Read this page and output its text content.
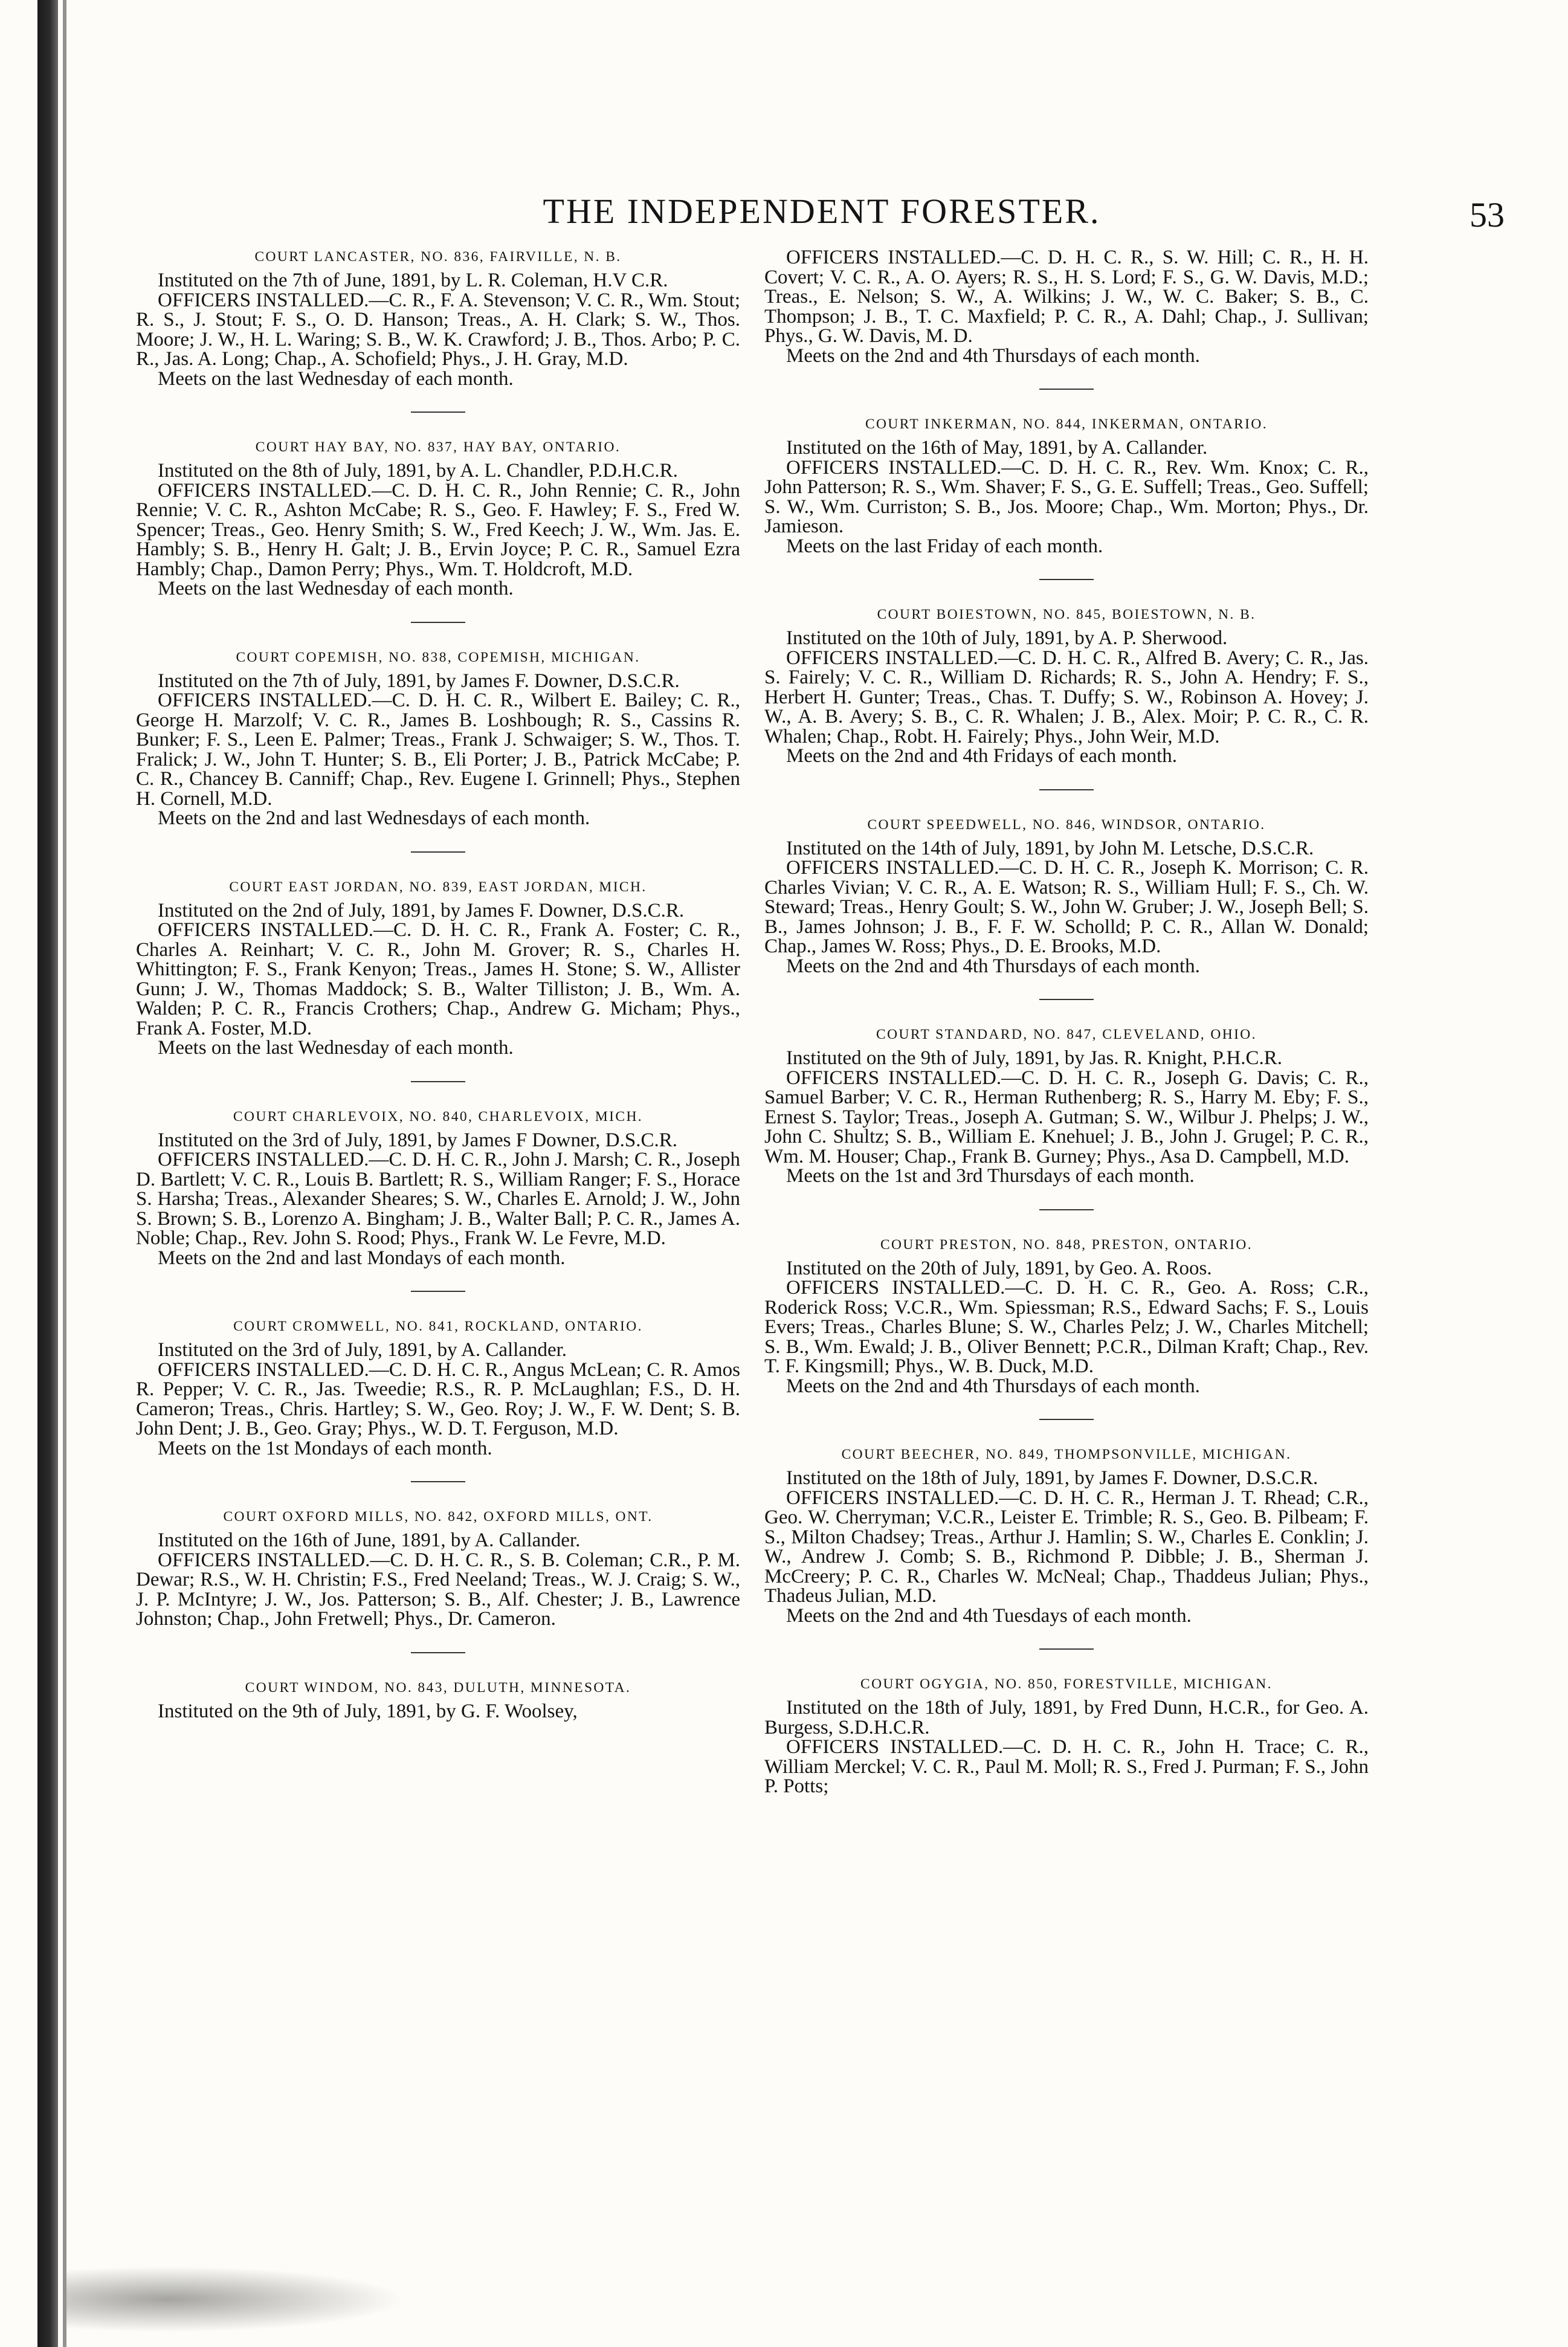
THE INDEPENDENT FORESTER.	53
COURT LANCASTER, NO. 836, FAIRVILLE, N. B.

Instituted on the 7th of June, 1891, by L. R. Coleman, H.V C.R.

OFFICERS INSTALLED.—C. R., F. A. Stevenson; V. C. R., Wm. Stout; R. S., J. Stout; F. S., O. D. Hanson; Treas., A. H. Clark; S. W., Thos. Moore; J. W., H. L. Waring; S. B., W. K. Crawford; J. B., Thos. Arbo; P. C. R., Jas. A. Long; Chap., A. Schofield; Phys., J. H. Gray, M.D.

Meets on the last Wednesday of each month.

COURT HAY BAY, NO. 837, HAY BAY, ONTARIO.

Instituted on the 8th of July, 1891, by A. L. Chandler, P.D.H.C.R.

OFFICERS INSTALLED.—C. D. H. C. R., John Rennie; C. R., John Rennie; V. C. R., Ashton McCabe; R. S., Geo. F. Hawley; F. S., Fred W. Spencer; Treas., Geo. Henry Smith; S. W., Fred Keech; J. W., Wm. Jas. E. Hambly; S. B., Henry H. Galt; J. B., Ervin Joyce; P. C. R., Samuel Ezra Hambly; Chap., Damon Perry; Phys., Wm. T. Holdcroft, M.D.

Meets on the last Wednesday of each month.

COURT COPEMISH, NO. 838, COPEMISH, MICHIGAN.

Instituted on the 7th of July, 1891, by James F. Downer, D.S.C.R.

OFFICERS INSTALLED.—C. D. H. C. R., Wilbert E. Bailey; C. R., George H. Marzolf; V. C. R., James B. Loshbough; R. S., Cassins R. Bunker; F. S., Leen E. Palmer; Treas., Frank J. Schwaiger; S. W., Thos. T. Fralick; J. W., John T. Hunter; S. B., Eli Porter; J. B., Patrick McCabe; P. C. R., Chancey B. Canniff; Chap., Rev. Eugene I. Grinnell; Phys., Stephen H. Cornell, M.D.

Meets on the 2nd and last Wednesdays of each month.

COURT EAST JORDAN, NO. 839, EAST JORDAN, MICH.

Instituted on the 2nd of July, 1891, by James F. Downer, D.S.C.R.

OFFICERS INSTALLED.—C. D. H. C. R., Frank A. Foster; C. R., Charles A. Reinhart; V. C. R., John M. Grover; R. S., Charles H. Whittington; F. S., Frank Kenyon; Treas., James H. Stone; S. W., Allister Gunn; J. W., Thomas Maddock; S. B., Walter Tilliston; J. B., Wm. A. Walden; P. C. R., Francis Crothers; Chap., Andrew G. Micham; Phys., Frank A. Foster, M.D.

Meets on the last Wednesday of each month.

COURT CHARLEVOIX, NO. 840, CHARLEVOIX, MICH.

Instituted on the 3rd of July, 1891, by James F Downer, D.S.C.R.

OFFICERS INSTALLED.—C. D. H. C. R., John J. Marsh; C. R., Joseph D. Bartlett; V. C. R., Louis B. Bartlett; R. S., William Ranger; F. S., Horace S. Harsha; Treas., Alexander Sheares; S. W., Charles E. Arnold; J. W., John S. Brown; S. B., Lorenzo A. Bingham; J. B., Walter Ball; P. C. R., James A. Noble; Chap., Rev. John S. Rood; Phys., Frank W. Le Fevre, M.D.

Meets on the 2nd and last Mondays of each month.

COURT CROMWELL, NO. 841, ROCKLAND, ONTARIO.

Instituted on the 3rd of July, 1891, by A. Callander.

OFFICERS INSTALLED.—C. D. H. C. R., Angus McLean; C. R. Amos R. Pepper; V. C. R., Jas. Tweedie; R.S., R. P. McLaughlan; F.S., D. H. Cameron; Treas., Chris. Hartley; S. W., Geo. Roy; J. W., F. W. Dent; S. B. John Dent; J. B., Geo. Gray; Phys., W. D. T. Ferguson, M.D.

Meets on the 1st Mondays of each month.

COURT OXFORD MILLS, NO. 842, OXFORD MILLS, ONT.

Instituted on the 16th of June, 1891, by A. Callander.

OFFICERS INSTALLED.—C. D. H. C. R., S. B. Coleman; C.R., P. M. Dewar; R.S., W. H. Christin; F.S., Fred Neeland; Treas., W. J. Craig; S. W., J. P. McIntyre; J. W., Jos. Patterson; S. B., Alf. Chester; J. B., Lawrence Johnston; Chap., John Fretwell; Phys., Dr. Cameron.

COURT WINDOM, NO. 843, DULUTH, MINNESOTA.

Instituted on the 9th of July, 1891, by G. F. Woolsey,

OFFICERS INSTALLED.—C. D. H. C. R., S. W. Hill; C. R., H. H. Covert; V. C. R., A. O. Ayers; R. S., H. S. Lord; F. S., G. W. Davis, M.D.; Treas., E. Nelson; S. W., A. Wilkins; J. W., W. C. Baker; S. B., C. Thompson; J. B., T. C. Maxfield; P. C. R., A. Dahl; Chap., J. Sullivan; Phys., G. W. Davis, M. D.

Meets on the 2nd and 4th Thursdays of each month.

COURT INKERMAN, NO. 844, INKERMAN, ONTARIO.

Instituted on the 16th of May, 1891, by A. Callander.

OFFICERS INSTALLED.—C. D. H. C. R., Rev. Wm. Knox; C. R., John Patterson; R. S., Wm. Shaver; F. S., G. E. Suffell; Treas., Geo. Suffell; S. W., Wm. Curriston; S. B., Jos. Moore; Chap., Wm. Morton; Phys., Dr. Jamieson.

Meets on the last Friday of each month.

COURT BOIESTOWN, NO. 845, BOIESTOWN, N. B.

Instituted on the 10th of July, 1891, by A. P. Sherwood.

OFFICERS INSTALLED.—C. D. H. C. R., Alfred B. Avery; C. R., Jas. S. Fairely; V. C. R., William D. Richards; R. S., John A. Hendry; F. S., Herbert H. Gunter; Treas., Chas. T. Duffy; S. W., Robinson A. Hovey; J. W., A. B. Avery; S. B., C. R. Whalen; J. B., Alex. Moir; P. C. R., C. R. Whalen; Chap., Robt. H. Fairely; Phys., John Weir, M.D.

Meets on the 2nd and 4th Fridays of each month.

COURT SPEEDWELL, NO. 846, WINDSOR, ONTARIO.

Instituted on the 14th of July, 1891, by John M. Letsche, D.S.C.R.

OFFICERS INSTALLED.—C. D. H. C. R., Joseph K. Morrison; C. R. Charles Vivian; V. C. R., A. E. Watson; R. S., William Hull; F. S., Ch. W. Steward; Treas., Henry Goult; S. W., John W. Gruber; J. W., Joseph Bell; S. B., James Johnson; J. B., F. F. W. Scholld; P. C. R., Allan W. Donald; Chap., James W. Ross; Phys., D. E. Brooks, M.D.

Meets on the 2nd and 4th Thursdays of each month.

COURT STANDARD, NO. 847, CLEVELAND, OHIO.

Instituted on the 9th of July, 1891, by Jas. R. Knight, P.H.C.R.

OFFICERS INSTALLED.—C. D. H. C. R., Joseph G. Davis; C. R., Samuel Barber; V. C. R., Herman Ruthenberg; R. S., Harry M. Eby; F. S., Ernest S. Taylor; Treas., Joseph A. Gutman; S. W., Wilbur J. Phelps; J. W., John C. Shultz; S. B., William E. Knehuel; J. B., John J. Grugel; P. C. R., Wm. M. Houser; Chap., Frank B. Gurney; Phys., Asa D. Campbell, M.D.

Meets on the 1st and 3rd Thursdays of each month.

COURT PRESTON, NO. 848, PRESTON, ONTARIO.

Instituted on the 20th of July, 1891, by Geo. A. Roos.

OFFICERS INSTALLED.—C. D. H. C. R., Geo. A. Ross; C.R., Roderick Ross; V.C.R., Wm. Spiessman; R.S., Edward Sachs; F. S., Louis Evers; Treas., Charles Blune; S. W., Charles Pelz; J. W., Charles Mitchell; S. B., Wm. Ewald; J. B., Oliver Bennett; P.C.R., Dilman Kraft; Chap., Rev. T. F. Kingsmill; Phys., W. B. Duck, M.D.

Meets on the 2nd and 4th Thursdays of each month.

COURT BEECHER, NO. 849, THOMPSONVILLE, MICHIGAN.

Instituted on the 18th of July, 1891, by James F. Downer, D.S.C.R.

OFFICERS INSTALLED.—C. D. H. C. R., Herman J. T. Rhead; C.R., Geo. W. Cherryman; V.C.R., Leister E. Trimble; R. S., Geo. B. Pilbeam; F. S., Milton Chadsey; Treas., Arthur J. Hamlin; S. W., Charles E. Conklin; J. W., Andrew J. Comb; S. B., Richmond P. Dibble; J. B., Sherman J. McCreery; P. C. R., Charles W. McNeal; Chap., Thaddeus Julian; Phys., Thadeus Julian, M.D.

Meets on the 2nd and 4th Tuesdays of each month.

COURT OGYGIA, NO. 850, FORESTVILLE, MICHIGAN.

Instituted on the 18th of July, 1891, by Fred Dunn, H.C.R., for Geo. A. Burgess, S.D.H.C.R.

OFFICERS INSTALLED.—C. D. H. C. R., John H. Trace; C. R., William Merckel; V. C. R., Paul M. Moll; R. S., Fred J. Purman; F. S., John P. Potts;
